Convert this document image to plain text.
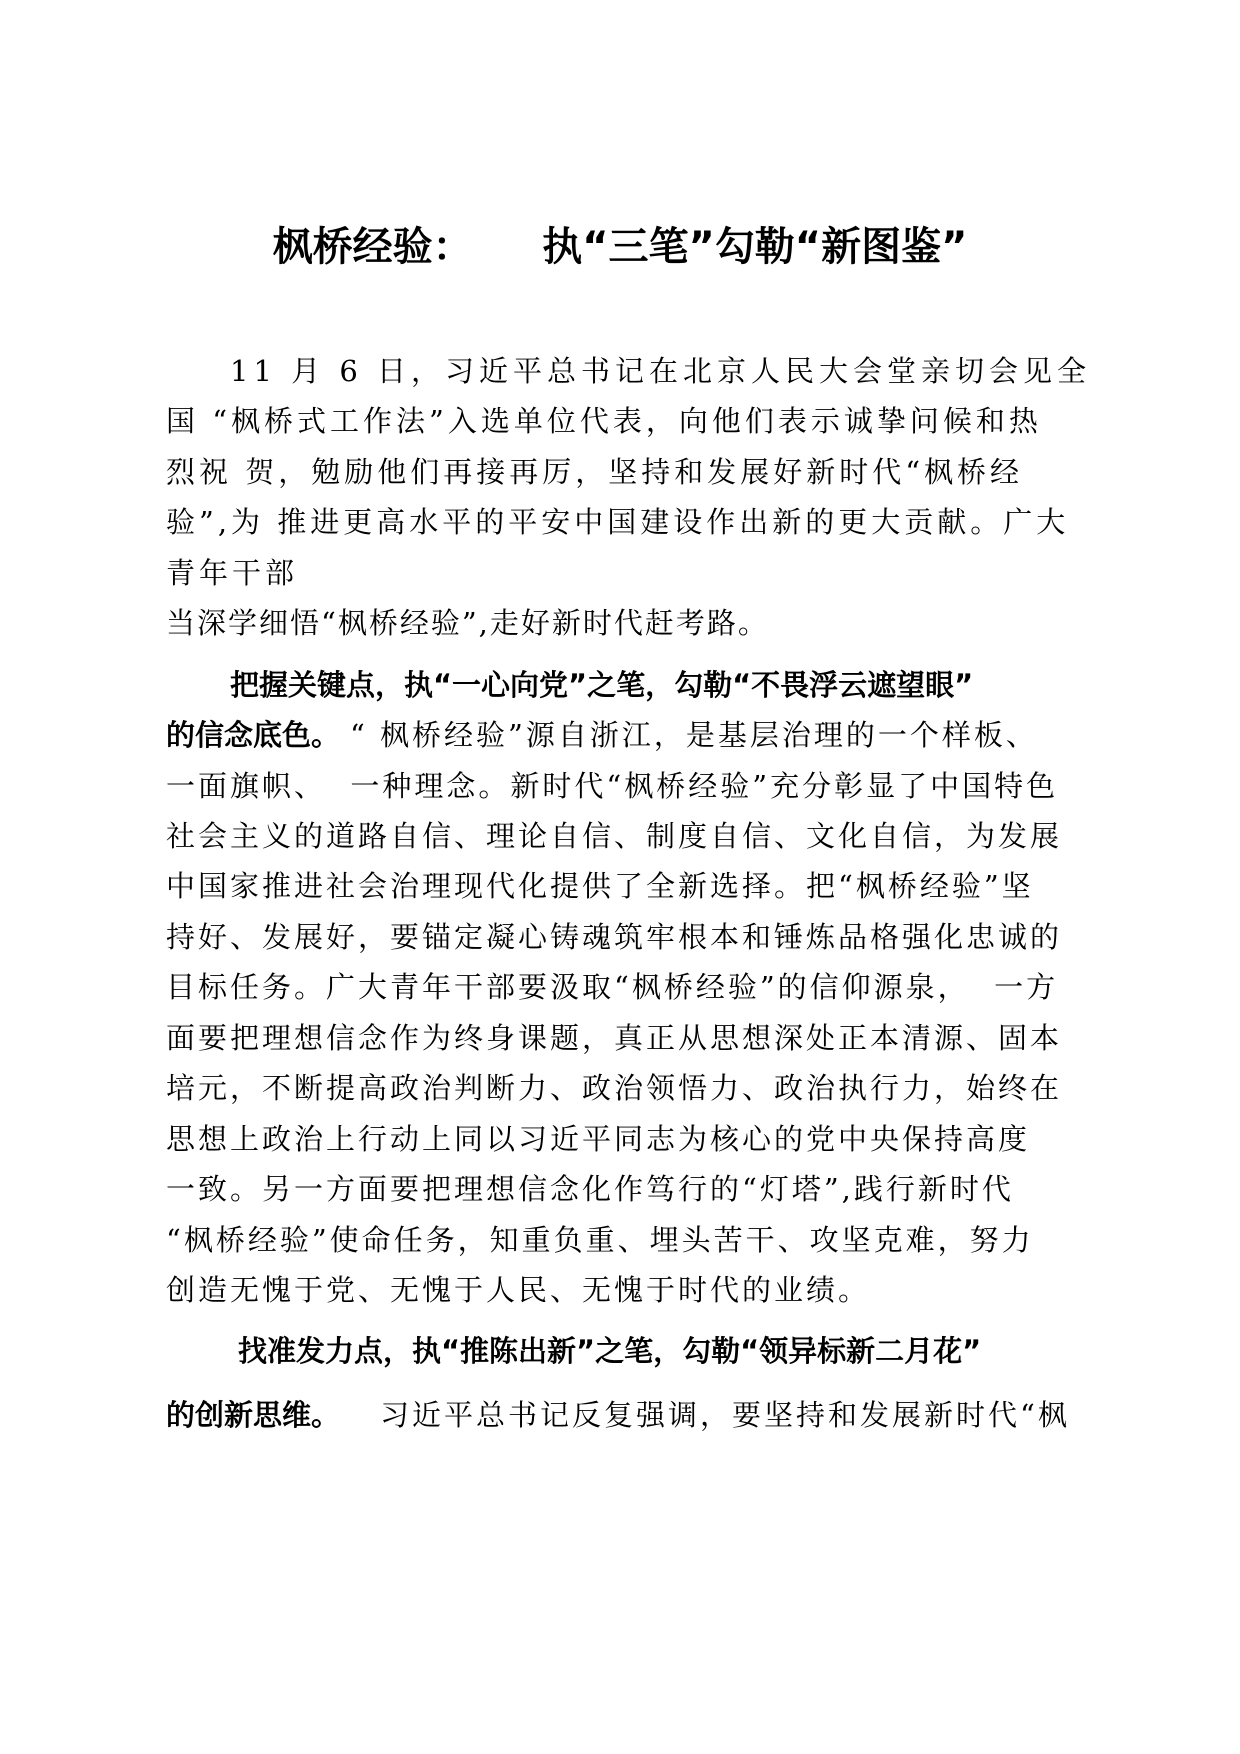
枫桥经验：     执“三笔”勾勒“新图鉴”

11 月 6 日，习近平总书记在北京人民大会堂亲切会见全

国 “枫桥式工作法”入选单位代表，向他们表示诚挚问候和热

烈祝 贺，勉励他们再接再厉，坚持和发展好新时代“枫桥经

验”,为 推进更高水平的平安中国建设作出新的更大贡献。广大

青年干部

当深学细悟“枫桥经验”,走好新时代赶考路。

把握关键点，执“一心向党”之笔，勾勒“不畏浮云遮望眼”

的信念底色。

“ 枫桥经验”源自浙江，是基层治理的一个样板、

一面旗帜、  一种理念。新时代“枫桥经验”充分彰显了中国特色

社会主义的道路自信、理论自信、制度自信、文化自信，为发展

中国家推进社会治理现代化提供了全新选择。把“枫桥经验”坚

持好、发展好，要锚定凝心铸魂筑牢根本和锤炼品格强化忠诚的

目标任务。广大青年干部要汲取“枫桥经验”的信仰源泉，  一方

面要把理想信念作为终身课题，真正从思想深处正本清源、固本

培元，不断提高政治判断力、政治领悟力、政治执行力，始终在

思想上政治上行动上同以习近平同志为核心的党中央保持高度

一致。另一方面要把理想信念化作笃行的“灯塔”,践行新时代

“枫桥经验”使命任务，知重负重、埋头苦干、攻坚克难，努力

创造无愧于党、无愧于人民、无愧于时代的业绩。

找准发力点，执“推陈出新”之笔，勾勒“领异标新二月花”

的创新思维。

习近平总书记反复强调，要坚持和发展新时代“枫
